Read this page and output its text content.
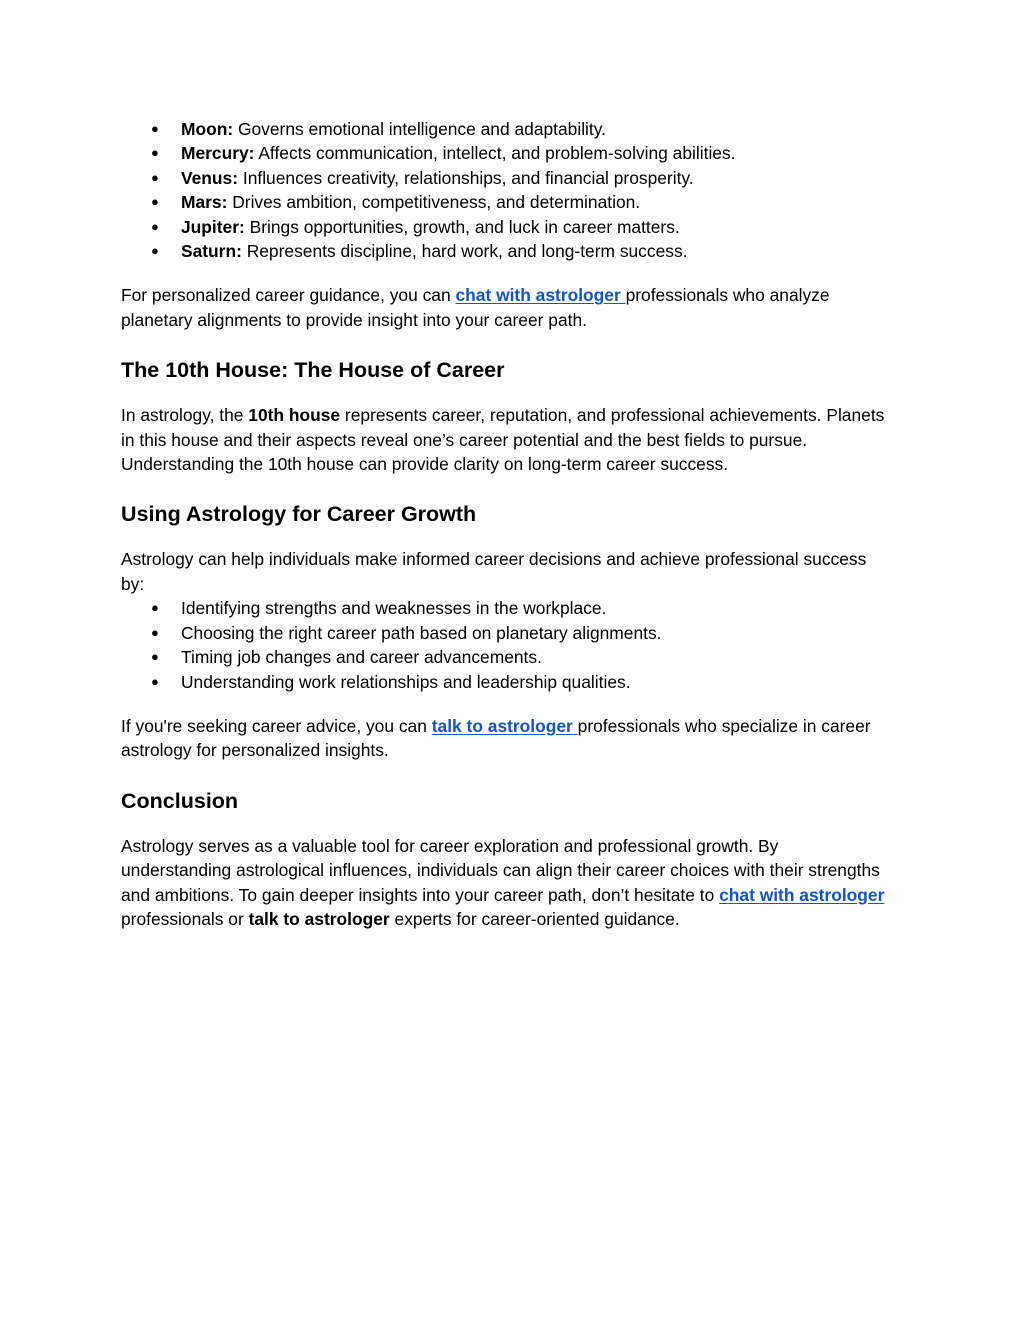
● Moon: Governs emotional intelligence and adaptability.
● Mercury: Affects communication, intellect, and problem-solving abilities.
● Venus: Influences creativity, relationships, and financial prosperity.
● Mars: Drives ambition, competitiveness, and determination.
● Jupiter: Brings opportunities, growth, and luck in career matters.
● Saturn: Represents discipline, hard work, and long-term success.

For personalized career guidance, you can chat with astrologer professionals who analyze planetary alignments to provide insight into your career path.

The 10th House: The House of Career

In astrology, the 10th house represents career, reputation, and professional achievements. Planets in this house and their aspects reveal one’s career potential and the best fields to pursue. Understanding the 10th house can provide clarity on long-term career success.

Using Astrology for Career Growth

Astrology can help individuals make informed career decisions and achieve professional success by:

● Identifying strengths and weaknesses in the workplace.
● Choosing the right career path based on planetary alignments.
● Timing job changes and career advancements.
● Understanding work relationships and leadership qualities.

If you're seeking career advice, you can talk to astrologer professionals who specialize in career astrology for personalized insights.

Conclusion

Astrology serves as a valuable tool for career exploration and professional growth. By understanding astrological influences, individuals can align their career choices with their strengths and ambitions. To gain deeper insights into your career path, don’t hesitate to chat with astrologer professionals or talk to astrologer experts for career-oriented guidance.
